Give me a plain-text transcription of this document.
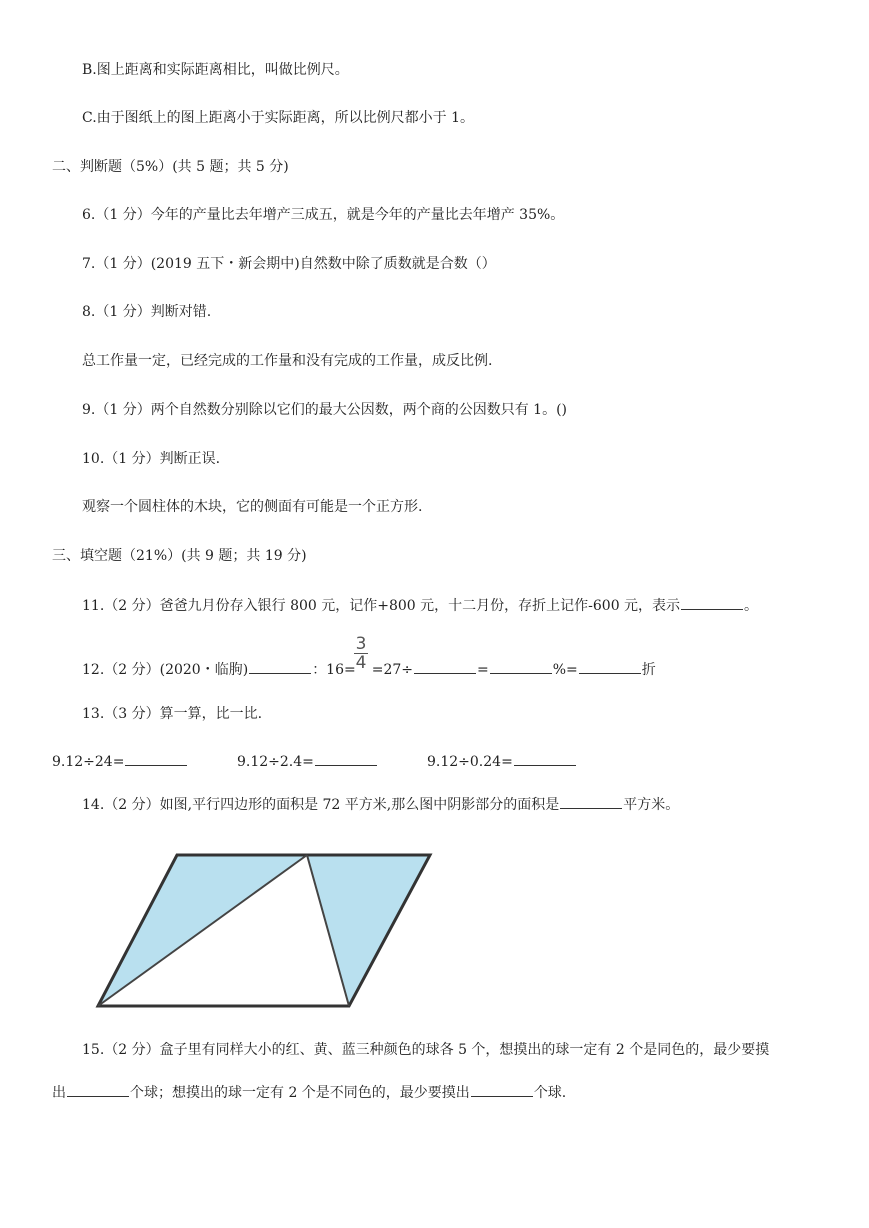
B.图上距离和实际距离相比，叫做比例尺。
C.由于图纸上的图上距离小于实际距离，所以比例尺都小于 1。
二、判断题（5%）(共 5 题；共 5 分)
6.（1 分）今年的产量比去年增产三成五，就是今年的产量比去年增产 35%。
7.（1 分）(2019 五下・新会期中)自然数中除了质数就是合数（）
8.（1 分）判断对错.
总工作量一定，已经完成的工作量和没有完成的工作量，成反比例.
9.（1 分）两个自然数分别除以它们的最大公因数，两个商的公因数只有 1。()
10.（1 分）判断正误.
观察一个圆柱体的木块，它的侧面有可能是一个正方形.
三、填空题（21%）(共 9 题；共 19 分)
11.（2 分）爸爸九月份存入银行 800 元，记作+800 元，十二月份，存折上记作-600 元，表示	。
3
4
12.（2 分）(2020・临朐)	：16= =27÷	=	%=	折
13.（3 分）算一算，比一比.
9.12÷24=	9.12÷2.4=	9.12÷0.24=
14.（2 分）如图,平行四边形的面积是 72 平方米,那么图中阴影部分的面积是	平方米。
15.（2 分）盒子里有同样大小的红、黄、蓝三种颜色的球各 5 个，想摸出的球一定有 2 个是同色的，最少要摸
出	个球；想摸出的球一定有 2 个是不同色的，最少要摸出	个球.
